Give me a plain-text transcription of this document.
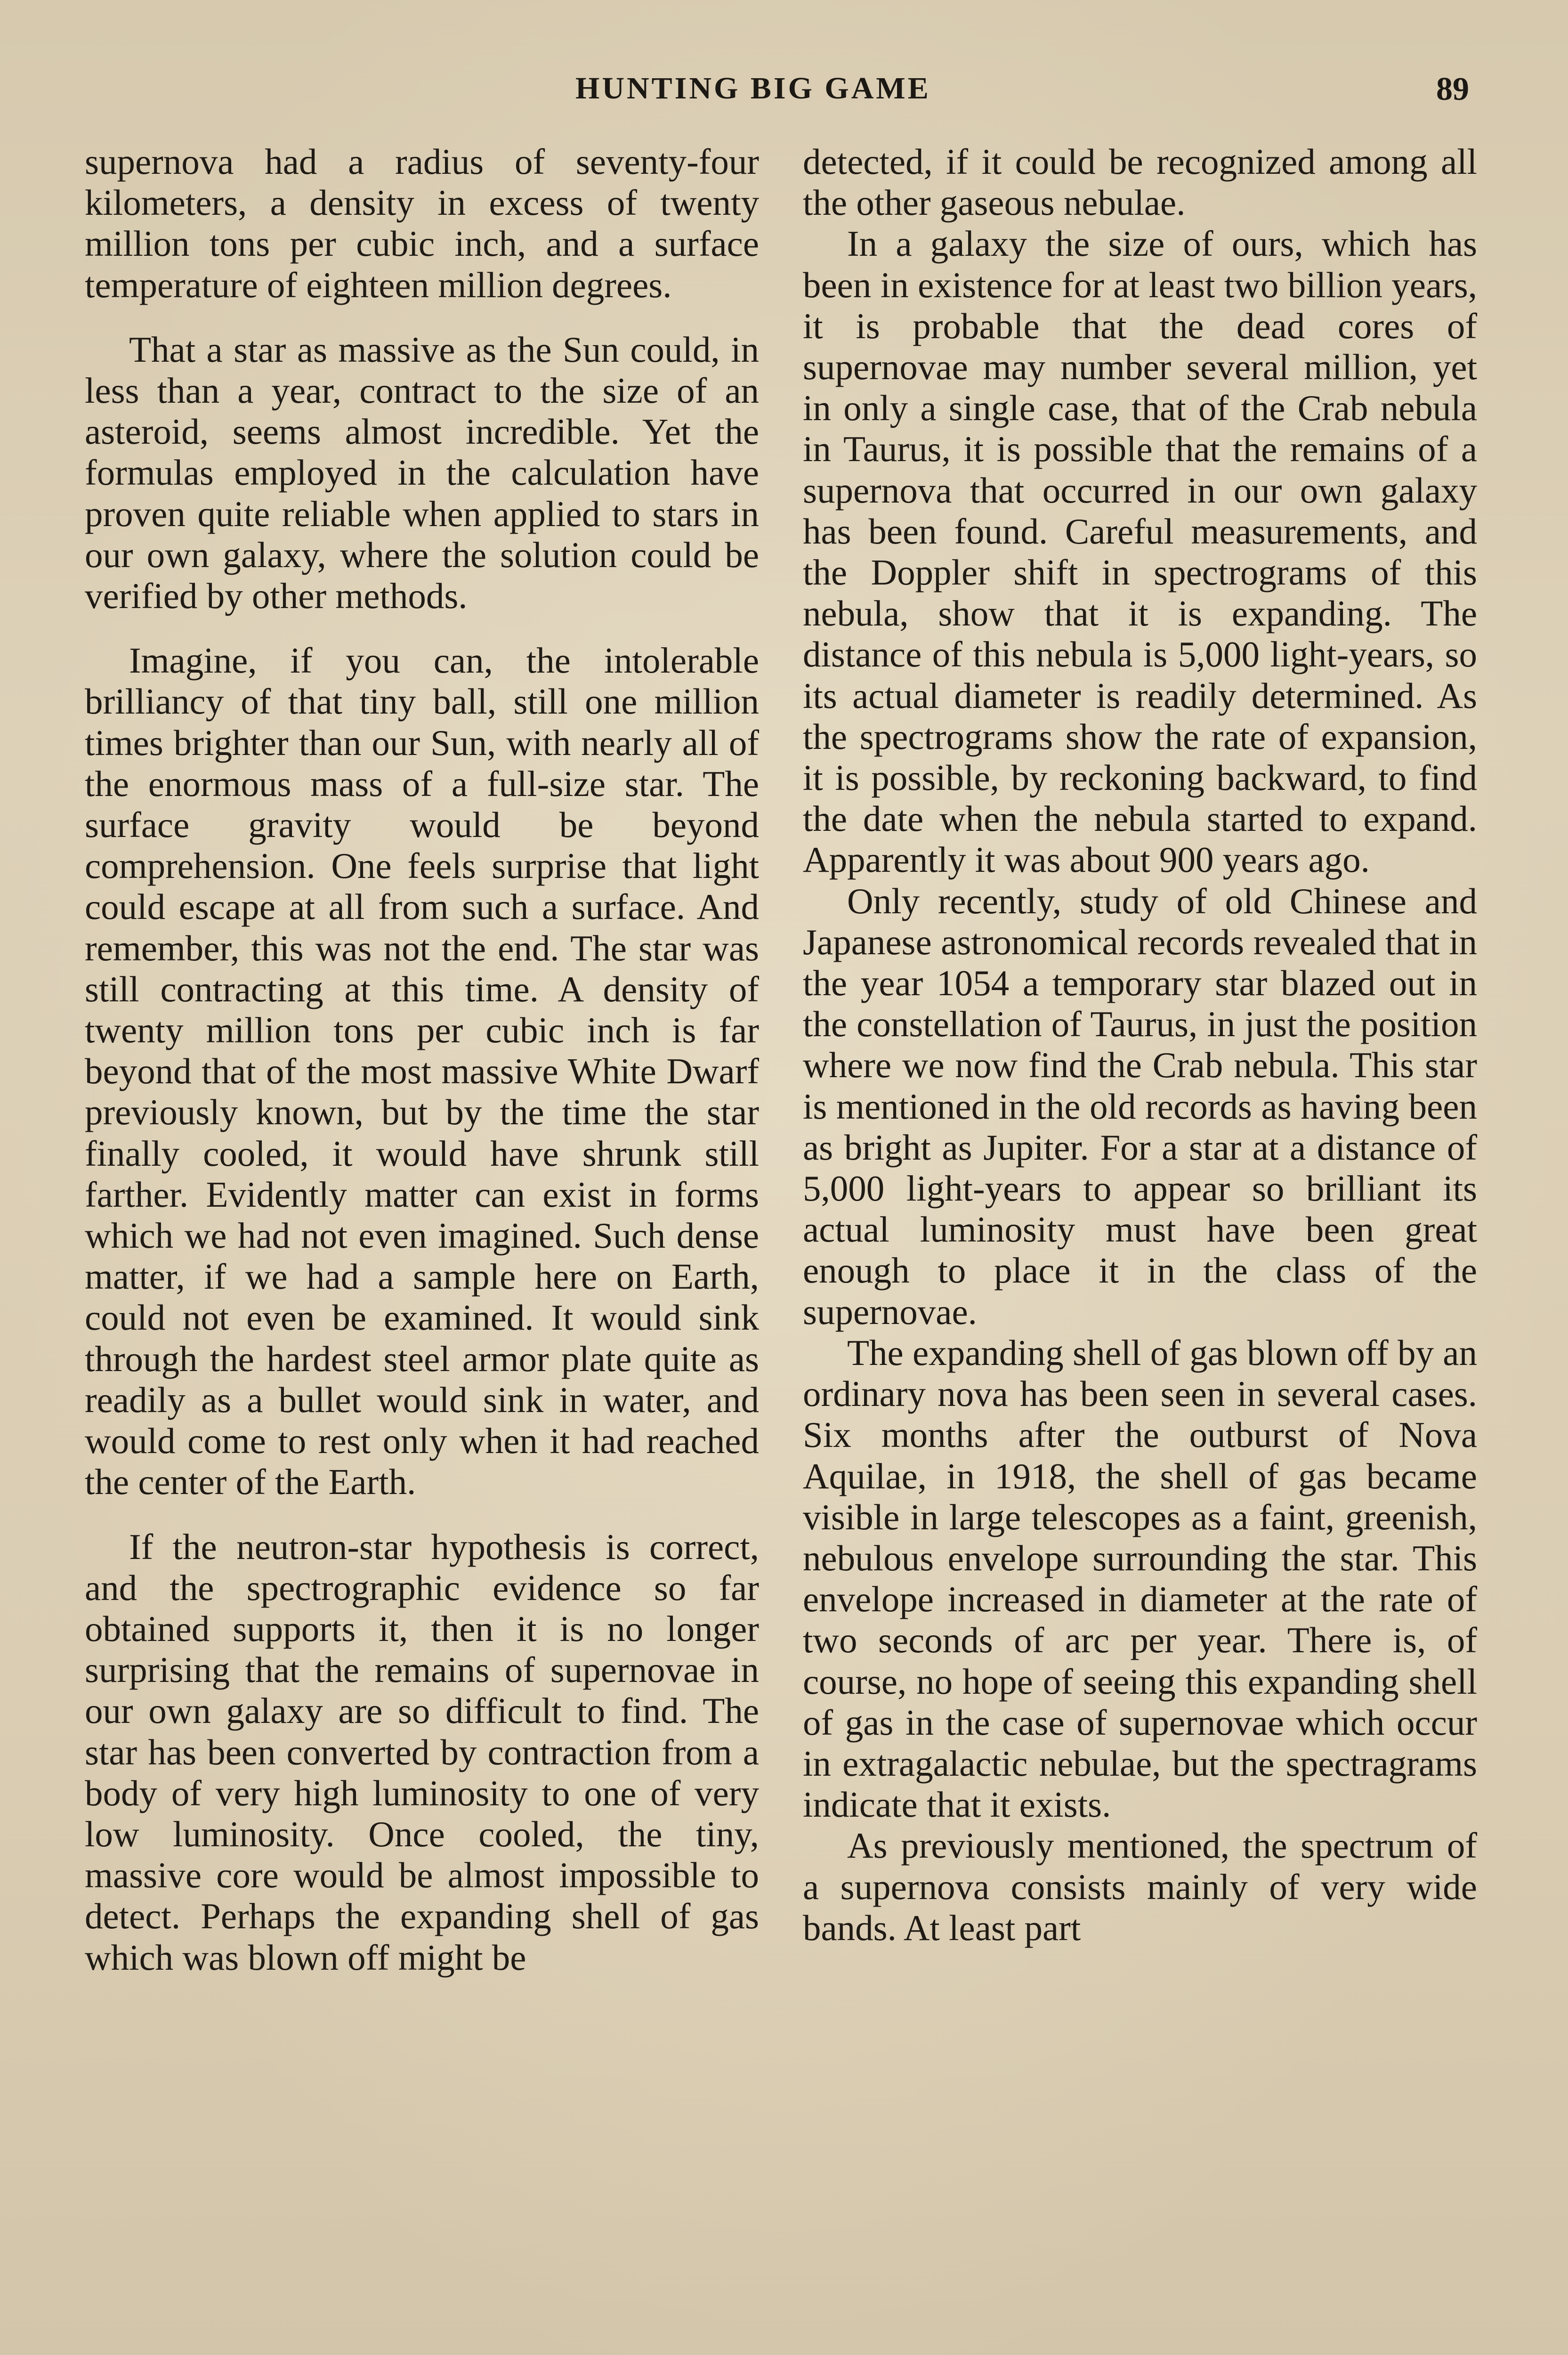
HUNTING BIG GAME	89

supernova had a radius of seventy-four kilometers, a density in excess of twenty million tons per cubic inch, and a surface temperature of eighteen million degrees.

That a star as massive as the Sun could, in less than a year, contract to the size of an asteroid, seems almost incredible. Yet the formulas employed in the calculation have proven quite reliable when applied to stars in our own galaxy, where the solution could be verified by other methods.

Imagine, if you can, the intolerable brilliancy of that tiny ball, still one million times brighter than our Sun, with nearly all of the enormous mass of a full-size star. The surface gravity would be beyond comprehension. One feels surprise that light could escape at all from such a surface. And remember, this was not the end. The star was still contracting at this time. A density of twenty million tons per cubic inch is far beyond that of the most massive White Dwarf previously known, but by the time the star finally cooled, it would have shrunk still farther. Evidently matter can exist in forms which we had not even imagined. Such dense matter, if we had a sample here on Earth, could not even be examined. It would sink through the hardest steel armor plate quite as readily as a bullet would sink in water, and would come to rest only when it had reached the center of the Earth.

If the neutron-star hypothesis is correct, and the spectrographic evidence so far obtained supports it, then it is no longer surprising that the remains of supernovae in our own galaxy are so difficult to find. The star has been converted by contraction from a body of very high luminosity to one of very low luminosity. Once cooled, the tiny, massive core would be almost impossible to detect. Perhaps the expanding shell of gas which was blown off might be

detected, if it could be recognized among all the other gaseous nebulae.

In a galaxy the size of ours, which has been in existence for at least two billion years, it is probable that the dead cores of supernovae may number several million, yet in only a single case, that of the Crab nebula in Taurus, it is possible that the remains of a supernova that occurred in our own galaxy has been found. Careful measurements, and the Doppler shift in spectrograms of this nebula, show that it is expanding. The distance of this nebula is 5,000 light-years, so its actual diameter is readily determined. As the spectrograms show the rate of expansion, it is possible, by reckoning backward, to find the date when the nebula started to expand. Apparently it was about 900 years ago.

Only recently, study of old Chinese and Japanese astronomical records revealed that in the year 1054 a temporary star blazed out in the constellation of Taurus, in just the position where we now find the Crab nebula. This star is mentioned in the old records as having been as bright as Jupiter. For a star at a distance of 5,000 light-years to appear so brilliant its actual luminosity must have been great enough to place it in the class of the supernovae.

The expanding shell of gas blown off by an ordinary nova has been seen in several cases. Six months after the outburst of Nova Aquilae, in 1918, the shell of gas became visible in large telescopes as a faint, greenish, nebulous envelope surrounding the star. This envelope increased in diameter at the rate of two seconds of arc per year. There is, of course, no hope of seeing this expanding shell of gas in the case of supernovae which occur in extragalactic nebulae, but the spectragrams indicate that it exists.

As previously mentioned, the spectrum of a supernova consists mainly of very wide bands. At least part
